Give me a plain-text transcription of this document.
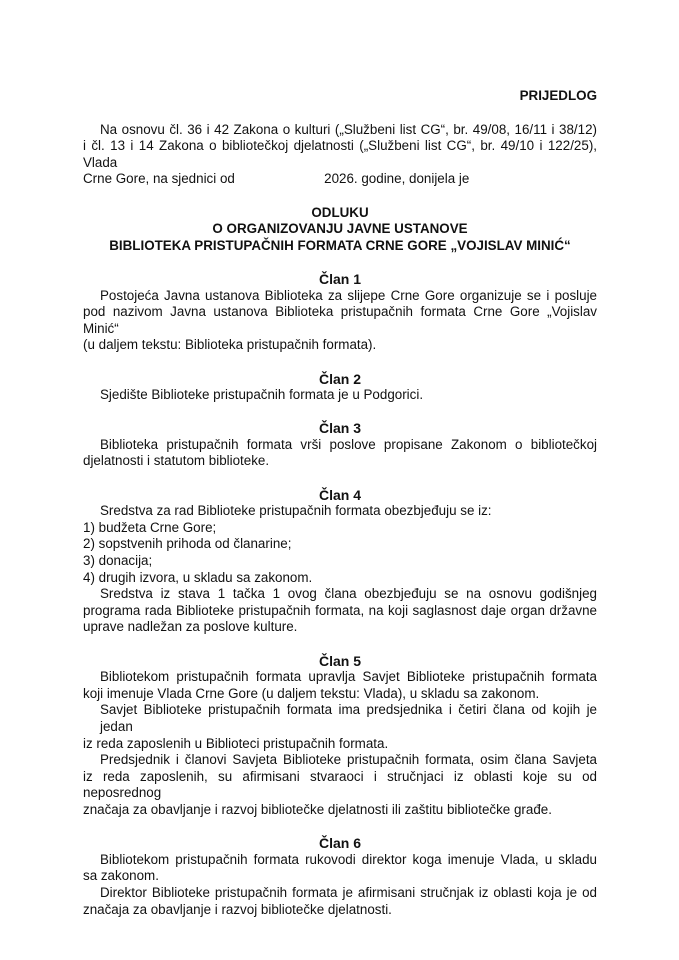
PRIJEDLOG
Na osnovu čl. 36 i 42 Zakona o kulturi („Službeni list CG“, br. 49/08, 16/11 i 38/12)
i čl. 13 i 14 Zakona o bibliotečkoj djelatnosti („Službeni list CG“, br. 49/10 i 122/25), Vlada
Crne Gore, na sjednici od                        2026. godine, donijela je
ODLUKU
O ORGANIZOVANJU JAVNE USTANOVE
BIBLIOTEKA PRISTUPAČNIH FORMATA CRNE GORE „VOJISLAV MINIĆ“
Član 1
Postojeća Javna ustanova Biblioteka za slijepe Crne Gore organizuje se i posluje
pod nazivom Javna ustanova Biblioteka pristupačnih formata Crne Gore „Vojislav Minić“
(u daljem tekstu: Biblioteka pristupačnih formata).
Član 2
Sjedište Biblioteke pristupačnih formata je u Podgorici.
Član 3
Biblioteka pristupačnih formata vrši poslove propisane Zakonom o bibliotečkoj
djelatnosti i statutom biblioteke.
Član 4
Sredstva za rad Biblioteke pristupačnih formata obezbjeđuju se iz:
1) budžeta Crne Gore;
2) sopstvenih prihoda od članarine;
3) donacija;
4) drugih izvora, u skladu sa zakonom.
Sredstva iz stava 1 tačka 1 ovog člana obezbjeđuju se na osnovu godišnjeg
programa rada Biblioteke pristupačnih formata, na koji saglasnost daje organ državne
uprave nadležan za poslove kulture.
Član 5
Bibliotekom pristupačnih formata upravlja Savjet Biblioteke pristupačnih formata
koji imenuje Vlada Crne Gore (u daljem tekstu: Vlada), u skladu sa zakonom.
Savjet Biblioteke pristupačnih formata ima predsjednika i četiri člana od kojih je jedan
iz reda zaposlenih u Biblioteci pristupačnih formata.
Predsjednik i članovi Savjeta Biblioteke pristupačnih formata, osim člana Savjeta
iz reda zaposlenih, su afirmisani stvaraoci i stručnjaci iz oblasti koje su od neposrednog
značaja za obavljanje i razvoj bibliotečke djelatnosti ili zaštitu bibliotečke građe.
Član 6
Bibliotekom pristupačnih formata rukovodi direktor koga imenuje Vlada, u skladu
sa zakonom.
Direktor Biblioteke pristupačnih formata je afirmisani stručnjak iz oblasti koja je od
značaja za obavljanje i razvoj bibliotečke djelatnosti.
